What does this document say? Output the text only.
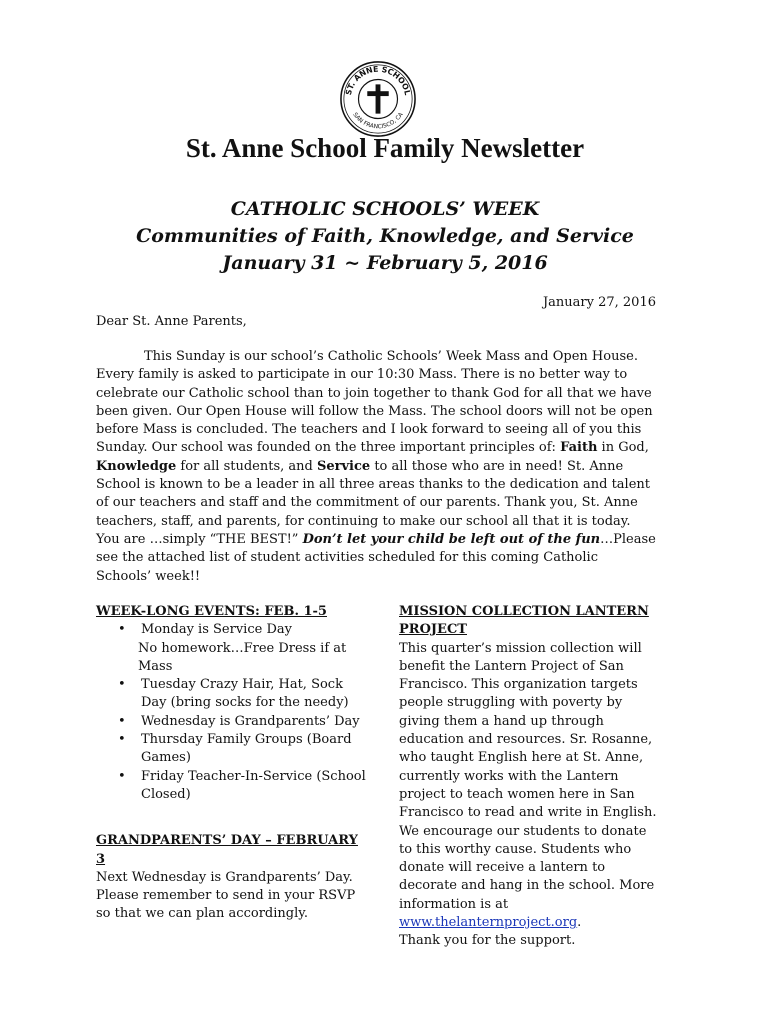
ST. ANNE SCHOOL
SAN FRANCISCO, CA
St. Anne School Family Newsletter
CATHOLIC SCHOOLS’ WEEK
Communities of Faith, Knowledge, and Service
January 31 ~ February 5, 2016
January 27, 2016
Dear St. Anne Parents,

This Sunday is our school’s Catholic Schools’ Week Mass and Open House. Every family is asked to participate in our 10:30 Mass. There is no better way to celebrate our Catholic school than to join together to thank God for all that we have been given. Our Open House will follow the Mass. The school doors will not be open before Mass is concluded. The teachers and I look forward to seeing all of you this Sunday. Our school was founded on the three important principles of: Faith in God, Knowledge for all students, and Service to all those who are in need! St. Anne School is known to be a leader in all three areas thanks to the dedication and talent of our teachers and staff and the commitment of our parents. Thank you, St. Anne teachers, staff, and parents, for continuing to make our school all that it is today. You are …simply “THE BEST!” Don’t let your child be left out of the fun…Please see the attached list of student activities scheduled for this coming Catholic Schools’ week!!

WEEK-LONG EVENTS: FEB. 1-5

• Monday is Service Day
No homework…Free Dress if at Mass
• Tuesday Crazy Hair, Hat, Sock Day (bring socks for the needy)
• Wednesday is Grandparents’ Day
• Thursday Family Groups (Board Games)
• Friday Teacher-In-Service (School Closed)

GRANDPARENTS’ DAY – FEBRUARY 3

Next Wednesday is Grandparents’ Day. Please remember to send in your RSVP so that we can plan accordingly.

MISSION COLLECTION LANTERN PROJECT

This quarter’s mission collection will benefit the Lantern Project of San Francisco. This organization targets people struggling with poverty by giving them a hand up through education and resources. Sr. Rosanne, who taught English here at St. Anne, currently works with the Lantern project to teach women here in San Francisco to read and write in English. We encourage our students to donate to this worthy cause. Students who donate will receive a lantern to decorate and hang in the school. More information is at www.thelanternproject.org.

Thank you for the support.
